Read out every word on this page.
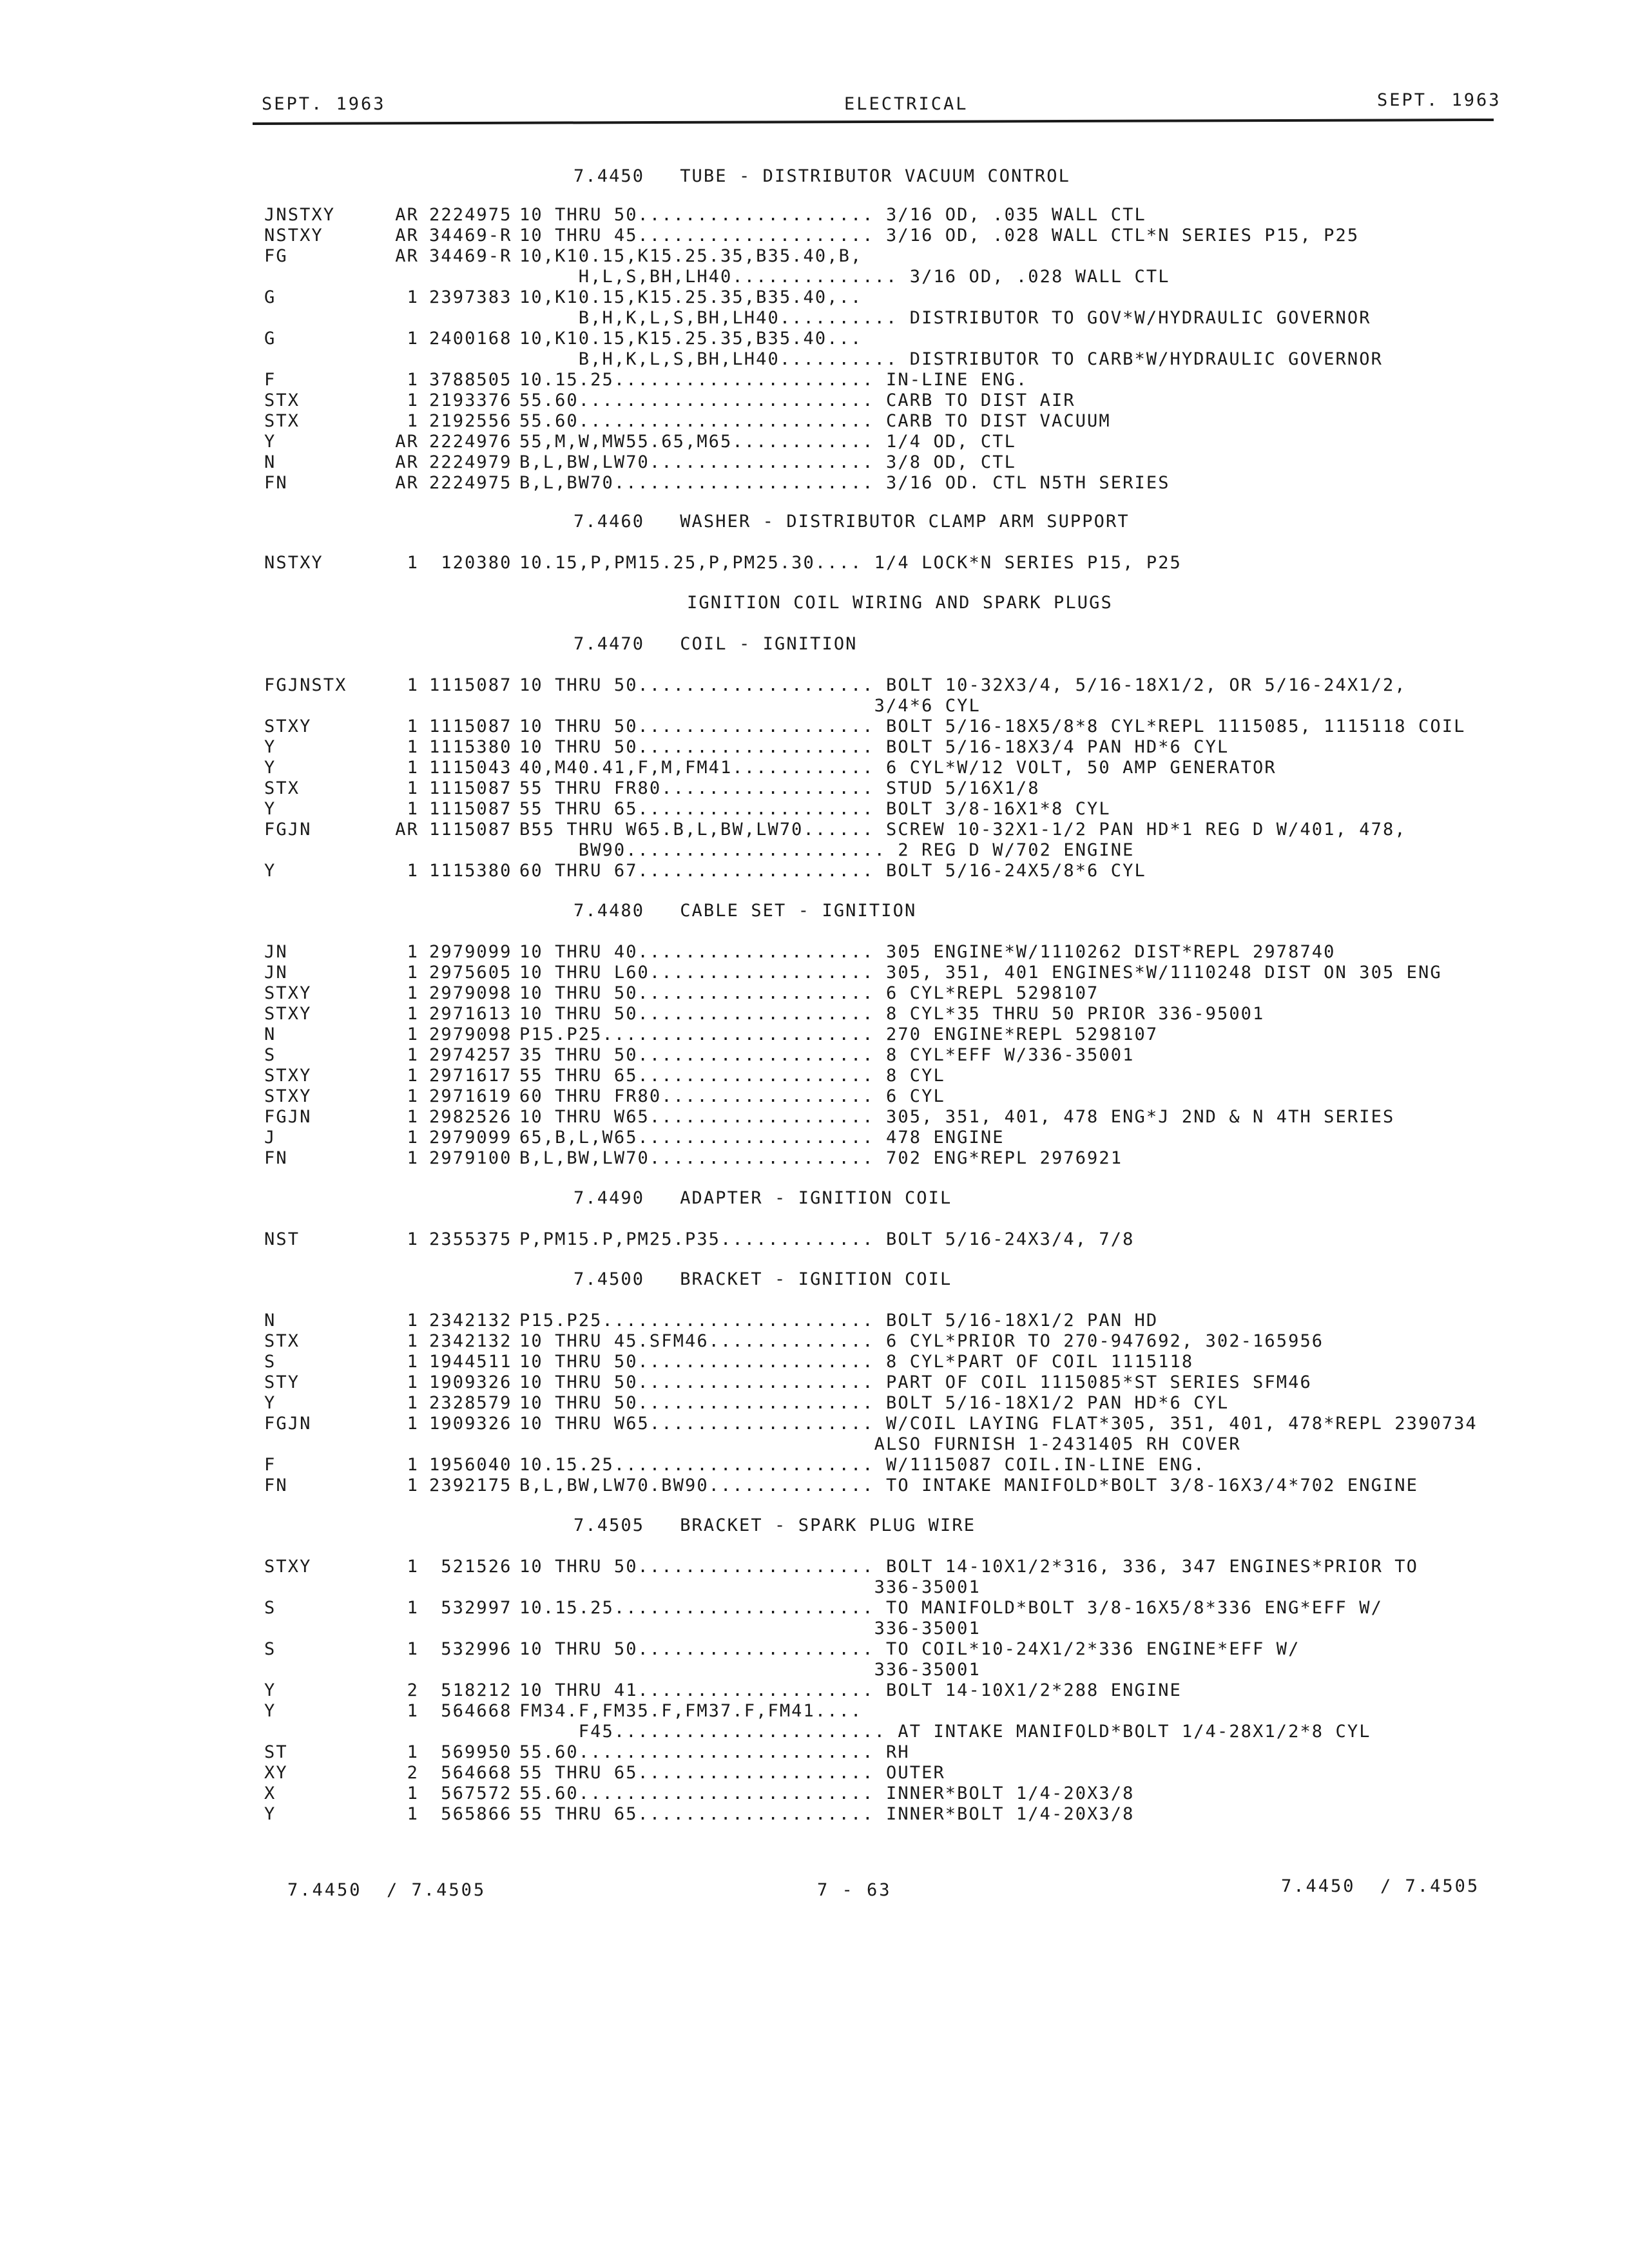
SEPT. 1963	ELECTRICAL	SEPT. 1963
7.4450   TUBE - DISTRIBUTOR VACUUM CONTROL
JNSTXY	AR 2224975 10 THRU 50.................... 3/16 OD, .035 WALL CTL
NSTXY	AR 34469-R 10 THRU 45.................... 3/16 OD, .028 WALL CTL*N SERIES P15, P25
FG	AR 34469-R 10,K10.15,K15.25.35,B35.40,B,
H,L,S,BH,LH40.............. 3/16 OD, .028 WALL CTL
G	1 2397383 10,K10.15,K15.25.35,B35.40,..
B,H,K,L,S,BH,LH40.......... DISTRIBUTOR TO GOV*W/HYDRAULIC GOVERNOR
G	1 2400168 10,K10.15,K15.25.35,B35.40...
B,H,K,L,S,BH,LH40.......... DISTRIBUTOR TO CARB*W/HYDRAULIC GOVERNOR
F	1 3788505 10.15.25...................... IN-LINE ENG.
STX	1 2193376 55.60......................... CARB TO DIST AIR
STX	1 2192556 55.60......................... CARB TO DIST VACUUM
Y	AR 2224976 55,M,W,MW55.65,M65............ 1/4 OD, CTL
N	AR 2224979 B,L,BW,LW70................... 3/8 OD, CTL
FN	AR 2224975 B,L,BW70...................... 3/16 OD. CTL N5TH SERIES
7.4460   WASHER - DISTRIBUTOR CLAMP ARM SUPPORT
NSTXY	1 120380 10.15,P,PM15.25,P,PM25.30.... 1/4 LOCK*N SERIES P15, P25
IGNITION COIL WIRING AND SPARK PLUGS
7.4470   COIL - IGNITION
FGJNSTX	1 1115087 10 THRU 50.................... BOLT 10-32X3/4, 5/16-18X1/2, OR 5/16-24X1/2,
3/4*6 CYL
STXY	1 1115087 10 THRU 50.................... BOLT 5/16-18X5/8*8 CYL*REPL 1115085, 1115118 COIL
Y	1 1115380 10 THRU 50.................... BOLT 5/16-18X3/4 PAN HD*6 CYL
Y	1 1115043 40,M40.41,F,M,FM41............ 6 CYL*W/12 VOLT, 50 AMP GENERATOR
STX	1 1115087 55 THRU FR80.................. STUD 5/16X1/8
Y	1 1115087 55 THRU 65.................... BOLT 3/8-16X1*8 CYL
FGJN	AR 1115087 B55 THRU W65.B,L,BW,LW70...... SCREW 10-32X1-1/2 PAN HD*1 REG D W/401, 478,
BW90...................... 2 REG D W/702 ENGINE
Y	1 1115380 60 THRU 67.................... BOLT 5/16-24X5/8*6 CYL
7.4480   CABLE SET - IGNITION
JN	1 2979099 10 THRU 40.................... 305 ENGINE*W/1110262 DIST*REPL 2978740
JN	1 2975605 10 THRU L60................... 305, 351, 401 ENGINES*W/1110248 DIST ON 305 ENG
STXY	1 2979098 10 THRU 50.................... 6 CYL*REPL 5298107
STXY	1 2971613 10 THRU 50.................... 8 CYL*35 THRU 50 PRIOR 336-95001
N	1 2979098 P15.P25....................... 270 ENGINE*REPL 5298107
S	1 2974257 35 THRU 50.................... 8 CYL*EFF W/336-35001
STXY	1 2971617 55 THRU 65.................... 8 CYL
STXY	1 2971619 60 THRU FR80.................. 6 CYL
FGJN	1 2982526 10 THRU W65................... 305, 351, 401, 478 ENG*J 2ND & N 4TH SERIES
J	1 2979099 65,B,L,W65.................... 478 ENGINE
FN	1 2979100 B,L,BW,LW70................... 702 ENG*REPL 2976921
7.4490   ADAPTER - IGNITION COIL
NST	1 2355375 P,PM15.P,PM25.P35............. BOLT 5/16-24X3/4, 7/8
7.4500   BRACKET - IGNITION COIL
N	1 2342132 P15.P25....................... BOLT 5/16-18X1/2 PAN HD
STX	1 2342132 10 THRU 45.SFM46.............. 6 CYL*PRIOR TO 270-947692, 302-165956
S	1 1944511 10 THRU 50.................... 8 CYL*PART OF COIL 1115118
STY	1 1909326 10 THRU 50.................... PART OF COIL 1115085*ST SERIES SFM46
Y	1 2328579 10 THRU 50.................... BOLT 5/16-18X1/2 PAN HD*6 CYL
FGJN	1 1909326 10 THRU W65................... W/COIL LAYING FLAT*305, 351, 401, 478*REPL 2390734
ALSO FURNISH 1-2431405 RH COVER
F	1 1956040 10.15.25...................... W/1115087 COIL.IN-LINE ENG.
FN	1 2392175 B,L,BW,LW70.BW90.............. TO INTAKE MANIFOLD*BOLT 3/8-16X3/4*702 ENGINE
7.4505   BRACKET - SPARK PLUG WIRE
STXY	1 521526 10 THRU 50.................... BOLT 14-10X1/2*316, 336, 347 ENGINES*PRIOR TO
336-35001
S	1 532997 10.15.25...................... TO MANIFOLD*BOLT 3/8-16X5/8*336 ENG*EFF W/
336-35001
S	1 532996 10 THRU 50.................... TO COIL*10-24X1/2*336 ENGINE*EFF W/
336-35001
Y	2 518212 10 THRU 41.................... BOLT 14-10X1/2*288 ENGINE
Y	1 564668 FM34.F,FM35.F,FM37.F,FM41....
F45....................... AT INTAKE MANIFOLD*BOLT 1/4-28X1/2*8 CYL
ST	1 569950 55.60......................... RH
XY	2 564668 55 THRU 65.................... OUTER
X	1 567572 55.60......................... INNER*BOLT 1/4-20X3/8
Y	1 565866 55 THRU 65.................... INNER*BOLT 1/4-20X3/8
7.4450  / 7.4505	7 - 63	7.4450  / 7.4505
